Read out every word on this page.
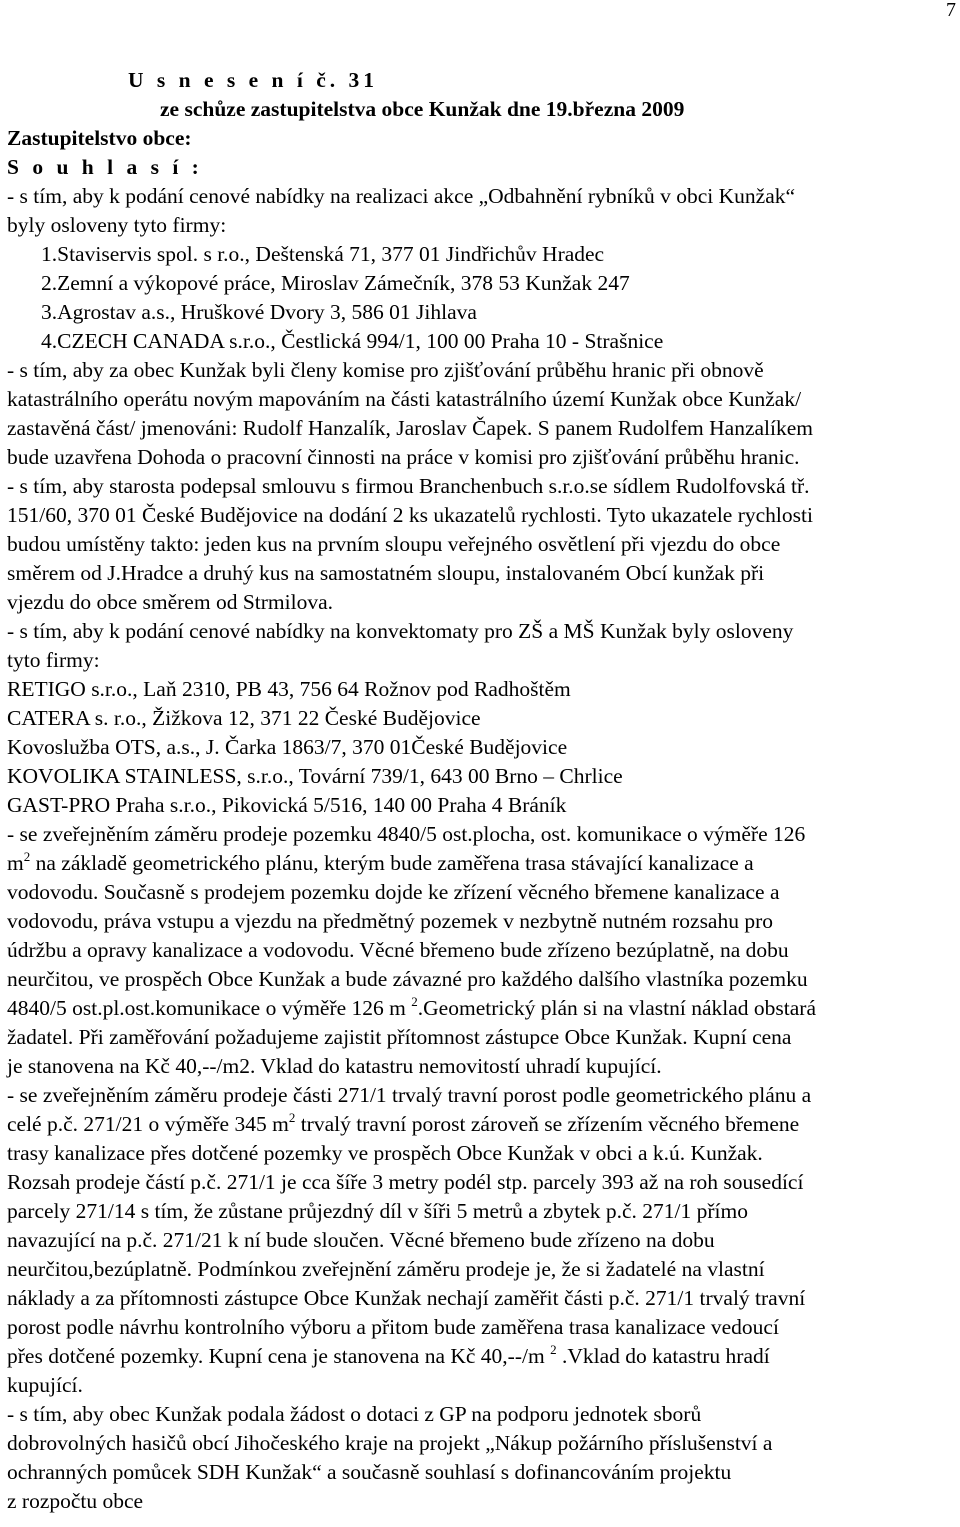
7
U s n e s e n í č. 31
ze schůze zastupitelstva obce Kunžak dne 19.března 2009
Zastupitelstvo obce:
S o u h l a s í :
- s tím, aby k podání cenové nabídky na realizaci akce „Odbahnění rybníků v obci Kunžak“
byly osloveny tyto firmy:
1.Staviservis spol. s r.o., Deštenská 71, 377 01 Jindřichův Hradec
2.Zemní a výkopové práce, Miroslav Zámečník, 378 53 Kunžak 247
3.Agrostav a.s., Hruškové Dvory 3, 586 01 Jihlava
4.CZECH CANADA s.r.o., Čestlická 994/1, 100 00 Praha 10 - Strašnice
- s tím, aby za obec Kunžak byli členy komise pro zjišťování průběhu hranic při obnově
katastrálního operátu novým mapováním na části katastrálního území Kunžak obce Kunžak/
zastavěná část/ jmenováni: Rudolf Hanzalík, Jaroslav Čapek. S panem Rudolfem Hanzalíkem
bude uzavřena Dohoda o pracovní činnosti na práce v komisi pro zjišťování průběhu hranic.
- s tím, aby starosta podepsal smlouvu s firmou Branchenbuch s.r.o.se sídlem Rudolfovská tř.
151/60, 370 01 České Budějovice na dodání 2 ks ukazatelů rychlosti. Tyto ukazatele rychlosti
budou umístěny takto: jeden kus na prvním sloupu veřejného osvětlení při vjezdu do obce
směrem od J.Hradce a druhý kus na samostatném sloupu, instalovaném Obcí kunžak při
vjezdu do obce směrem od Strmilova.
- s tím, aby k podání cenové nabídky na konvektomaty pro ZŠ a MŠ Kunžak byly osloveny
tyto firmy:
RETIGO s.r.o., Laň 2310, PB 43, 756 64 Rožnov pod Radhoštěm
CATERA s. r.o., Žižkova 12, 371 22 České Budějovice
Kovoslužba OTS, a.s., J. Čarka 1863/7, 370 01České Budějovice
KOVOLIKA STAINLESS, s.r.o., Tovární 739/1, 643 00 Brno – Chrlice
GAST-PRO Praha s.r.o., Pikovická 5/516, 140 00 Praha 4 Bráník
- se zveřejněním záměru prodeje pozemku 4840/5 ost.plocha, ost. komunikace o výměře 126
$m^2$ na základě geometrického plánu, kterým bude zaměřena trasa stávající kanalizace a
vodovodu. Současně s prodejem pozemku dojde ke zřízení věcného břemene kanalizace a
vodovodu, práva vstupu a vjezdu na předmětný pozemek v nezbytně nutném rozsahu pro
údržbu a opravy kanalizace a vodovodu. Věcné břemeno bude zřízeno bezúplatně, na dobu
neurčitou, ve prospěch Obce Kunžak a bude závazné pro každého dalšího vlastníka pozemku
4840/5 ost.pl.ost.komunikace o výměře 126 m $^2$.Geometrický plán si na vlastní náklad obstará
žadatel. Při zaměřování požadujeme zajistit přítomnost zástupce Obce Kunžak. Kupní cena
je stanovena na Kč 40,--/m2. Vklad do katastru nemovitostí uhradí kupující.
- se zveřejněním záměru prodeje části 271/1 trvalý travní porost podle geometrického plánu a
celé p.č. 271/21 o výměře 345 $m^2$ trvalý travní porost zároveň se zřízením věcného břemene
trasy kanalizace přes dotčené pozemky ve prospěch Obce Kunžak v obci a k.ú. Kunžak.
Rozsah prodeje částí p.č. 271/1 je cca šíře 3 metry podél stp. parcely 393 až na roh sousedící
parcely 271/14 s tím, že zůstane průjezdný díl v šíři 5 metrů a zbytek p.č. 271/1 přímo
navazující na p.č. 271/21 k ní bude sloučen. Věcné břemeno bude zřízeno na dobu
neurčitou,bezúplatně. Podmínkou zveřejnění záměru prodeje je, že si žadatelé na vlastní
náklady a za přítomnosti zástupce Obce Kunžak nechají zaměřit části p.č. 271/1 trvalý travní
porost podle návrhu kontrolního výboru a přitom bude zaměřena trasa kanalizace vedoucí
přes dotčené pozemky. Kupní cena je stanovena na Kč 40,--/m $^2$ .Vklad do katastru hradí
kupující.
- s tím, aby obec Kunžak podala žádost o dotaci z GP na podporu jednotek sborů
dobrovolných hasičů obcí Jihočeského kraje na projekt „Nákup požárního příslušenství a
ochranných pomůcek SDH Kunžak“ a současně souhlasí s dofinancováním projektu
z rozpočtu obce
